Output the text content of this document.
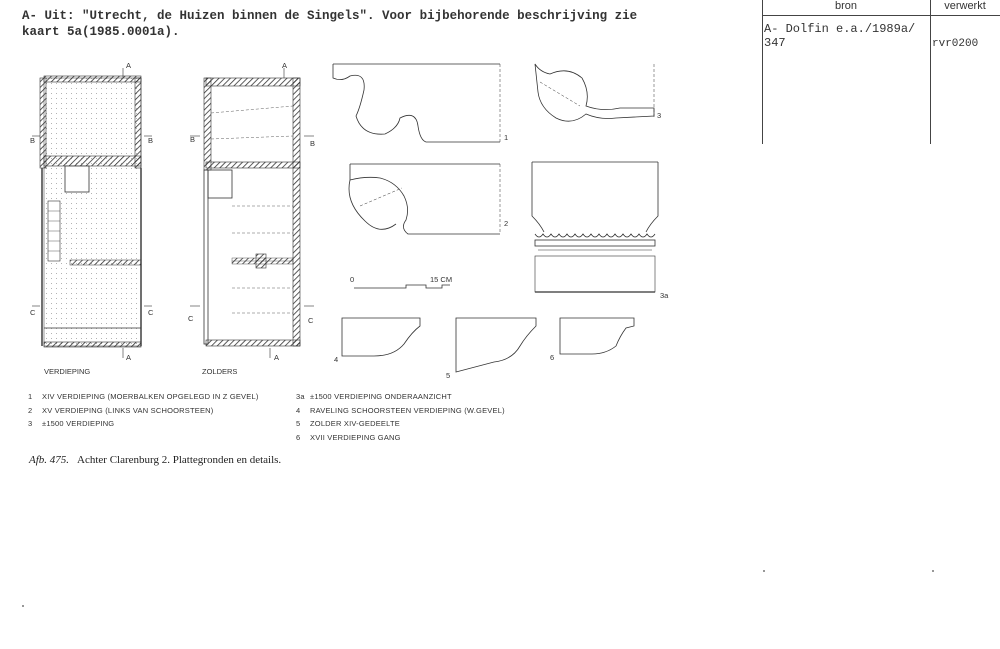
A- Uit: "Utrecht, de Huizen binnen de Singels". Voor bijbehorende beschrijving zie
kaart 5a(1985.0001a).
bron	verwerkt
A- Dolfin e.a./1989a/
347	rvr0200
A
A
B	B
C	C
VERDIEPING
A
A
B	B
C	C
ZOLDERS
1
2
3
3a
0	15 CM
4
5
6
1 XIV VERDIEPING (MOERBALKEN OPGELEGD IN Z GEVEL)
2 XV VERDIEPING (LINKS VAN SCHOORSTEEN)
3 ±1500 VERDIEPING
3a ±1500 VERDIEPING ONDERAANZICHT
4 RAVELING SCHOORSTEEN VERDIEPING (W.GEVEL)
5 ZOLDER XIV-GEDEELTE
6 XVII VERDIEPING GANG
Afb. 475. Achter Clarenburg 2. Plattegronden en details.
